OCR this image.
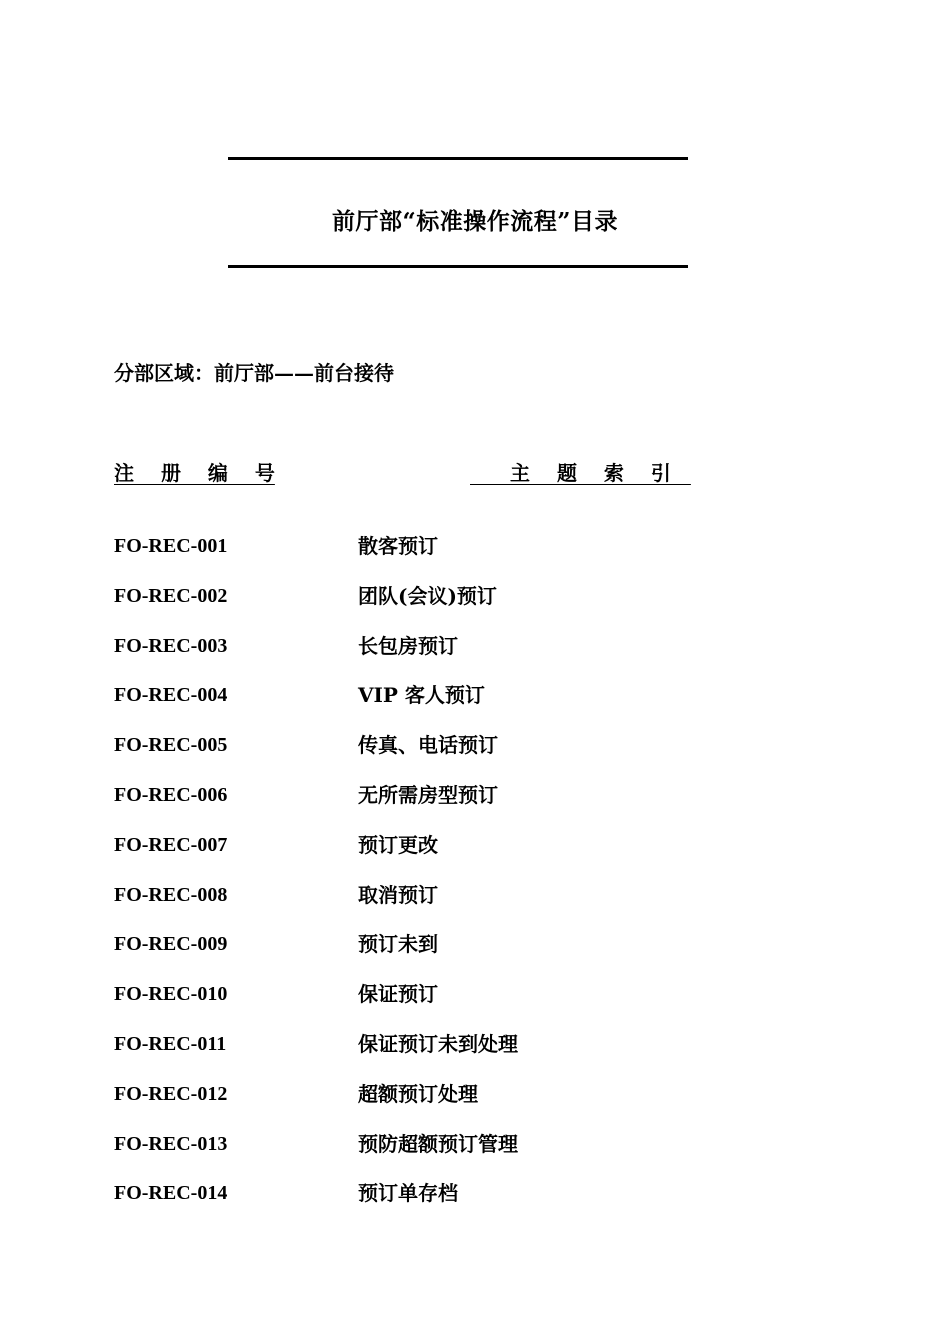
前厅部“标准操作流程”目录
分部区域：前厅部——前台接待
注　 册　 编　 号	　　主　 题　 索　 引　
FO-REC-001	散客预订
FO-REC-002	团队(会议)预订
FO-REC-003	长包房预订
FO-REC-004	VIP 客人预订
FO-REC-005	传真、电话预订
FO-REC-006	无所需房型预订
FO-REC-007	预订更改
FO-REC-008	取消预订
FO-REC-009	预订未到
FO-REC-010	保证预订
FO-REC-011	保证预订未到处理
FO-REC-012	超额预订处理
FO-REC-013	预防超额预订管理
FO-REC-014	预订单存档
